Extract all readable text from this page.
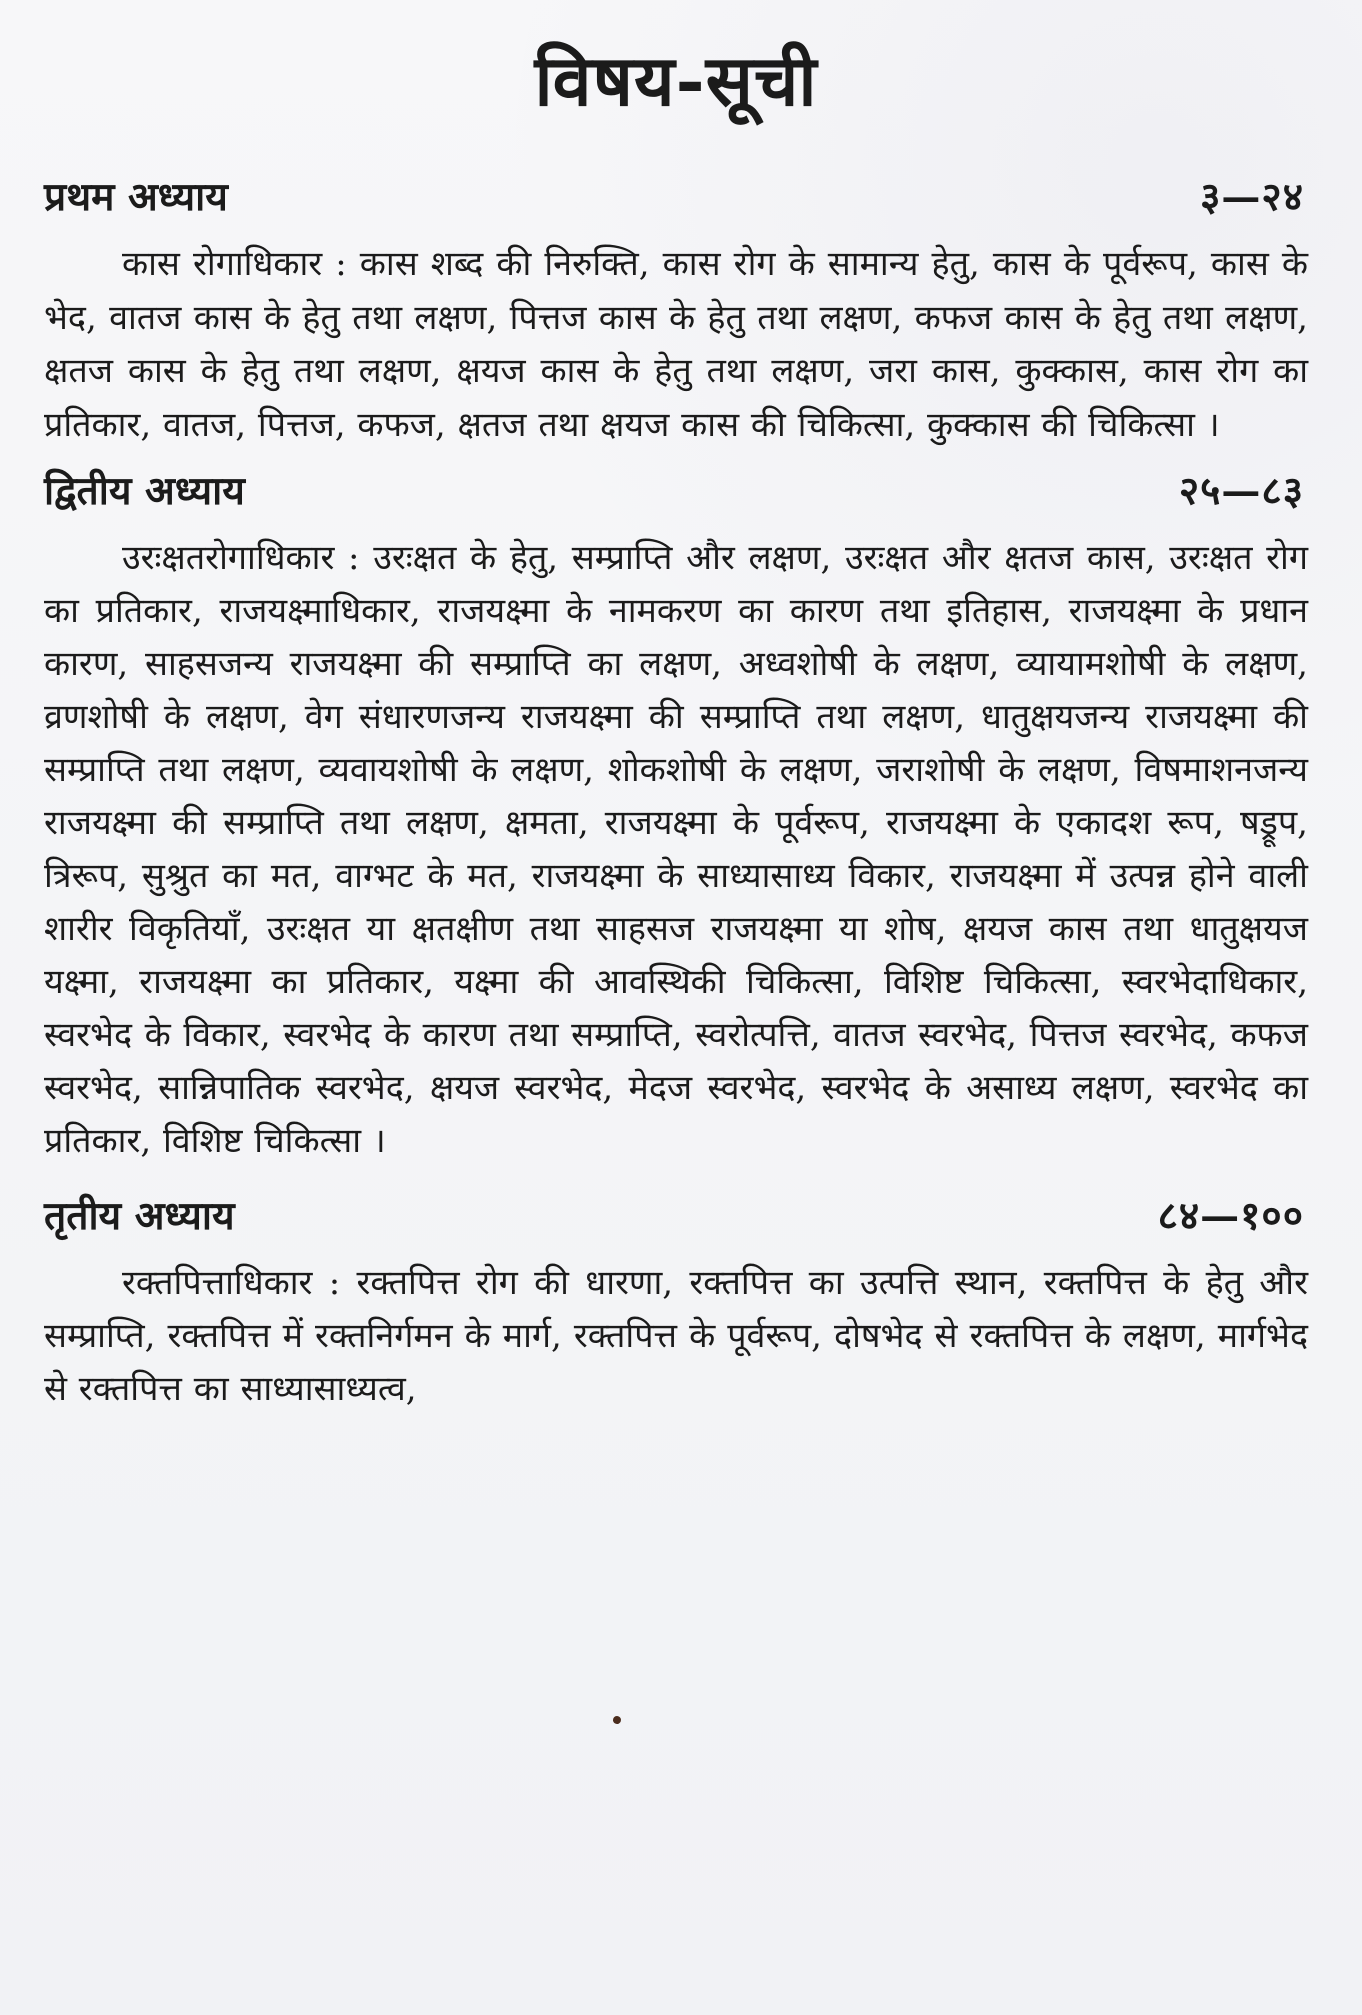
विषय-सूची
प्रथम अध्याय	३—२४

कास रोगाधिकार : कास शब्द की निरुक्ति, कास रोग के सामान्य हेतु, कास के पूर्वरूप, कास के भेद, वातज कास के हेतु तथा लक्षण, पित्तज कास के हेतु तथा लक्षण, कफज कास के हेतु तथा लक्षण, क्षतज कास के हेतु तथा लक्षण, क्षयज कास के हेतु तथा लक्षण, जरा कास, कुक्कास, कास रोग का प्रतिकार, वातज, पित्तज, कफज, क्षतज तथा क्षयज कास की चिकित्सा, कुक्कास की चिकित्सा ।

द्वितीय अध्याय	२५—८३

उरःक्षतरोगाधिकार : उरःक्षत के हेतु, सम्प्राप्ति और लक्षण, उरःक्षत और क्षतज कास, उरःक्षत रोग का प्रतिकार, राजयक्ष्माधिकार, राजयक्ष्मा के नामकरण का कारण तथा इतिहास, राजयक्ष्मा के प्रधान कारण, साहसजन्य राजयक्ष्मा की सम्प्राप्ति का लक्षण, अध्वशोषी के लक्षण, व्यायामशोषी के लक्षण, व्रणशोषी के लक्षण, वेग संधारणजन्य राजयक्ष्मा की सम्प्राप्ति तथा लक्षण, धातुक्षयजन्य राजयक्ष्मा की सम्प्राप्ति तथा लक्षण, व्यवायशोषी के लक्षण, शोकशोषी के लक्षण, जराशोषी के लक्षण, विषमाशनजन्य राजयक्ष्मा की सम्प्राप्ति तथा लक्षण, क्षमता, राजयक्ष्मा के पूर्वरूप, राजयक्ष्मा के एकादश रूप, षड्रूप, त्रिरूप, सुश्रुत का मत, वाग्भट के मत, राजयक्ष्मा के साध्यासाध्य विकार, राजयक्ष्मा में उत्पन्न होने वाली शारीर विकृतियाँ, उरःक्षत या क्षतक्षीण तथा साहसज राजयक्ष्मा या शोष, क्षयज कास तथा धातुक्षयज यक्ष्मा, राजयक्ष्मा का प्रतिकार, यक्ष्मा की आवस्थिकी चिकित्सा, विशिष्ट चिकित्सा, स्वरभेदाधिकार, स्वरभेद के विकार, स्वरभेद के कारण तथा सम्प्राप्ति, स्वरोत्पत्ति, वातज स्वरभेद, पित्तज स्वरभेद, कफज स्वरभेद, सान्निपातिक स्वरभेद, क्षयज स्वरभेद, मेदज स्वरभेद, स्वरभेद के असाध्य लक्षण, स्वरभेद का प्रतिकार, विशिष्ट चिकित्सा ।

तृतीय अध्याय	८४—१००

रक्तपित्ताधिकार : रक्तपित्त रोग की धारणा, रक्तपित्त का उत्पत्ति स्थान, रक्तपित्त के हेतु और सम्प्राप्ति, रक्तपित्त में रक्तनिर्गमन के मार्ग, रक्तपित्त के पूर्वरूप, दोषभेद से रक्तपित्त के लक्षण, मार्गभेद से रक्तपित्त का साध्यासाध्यत्व,
